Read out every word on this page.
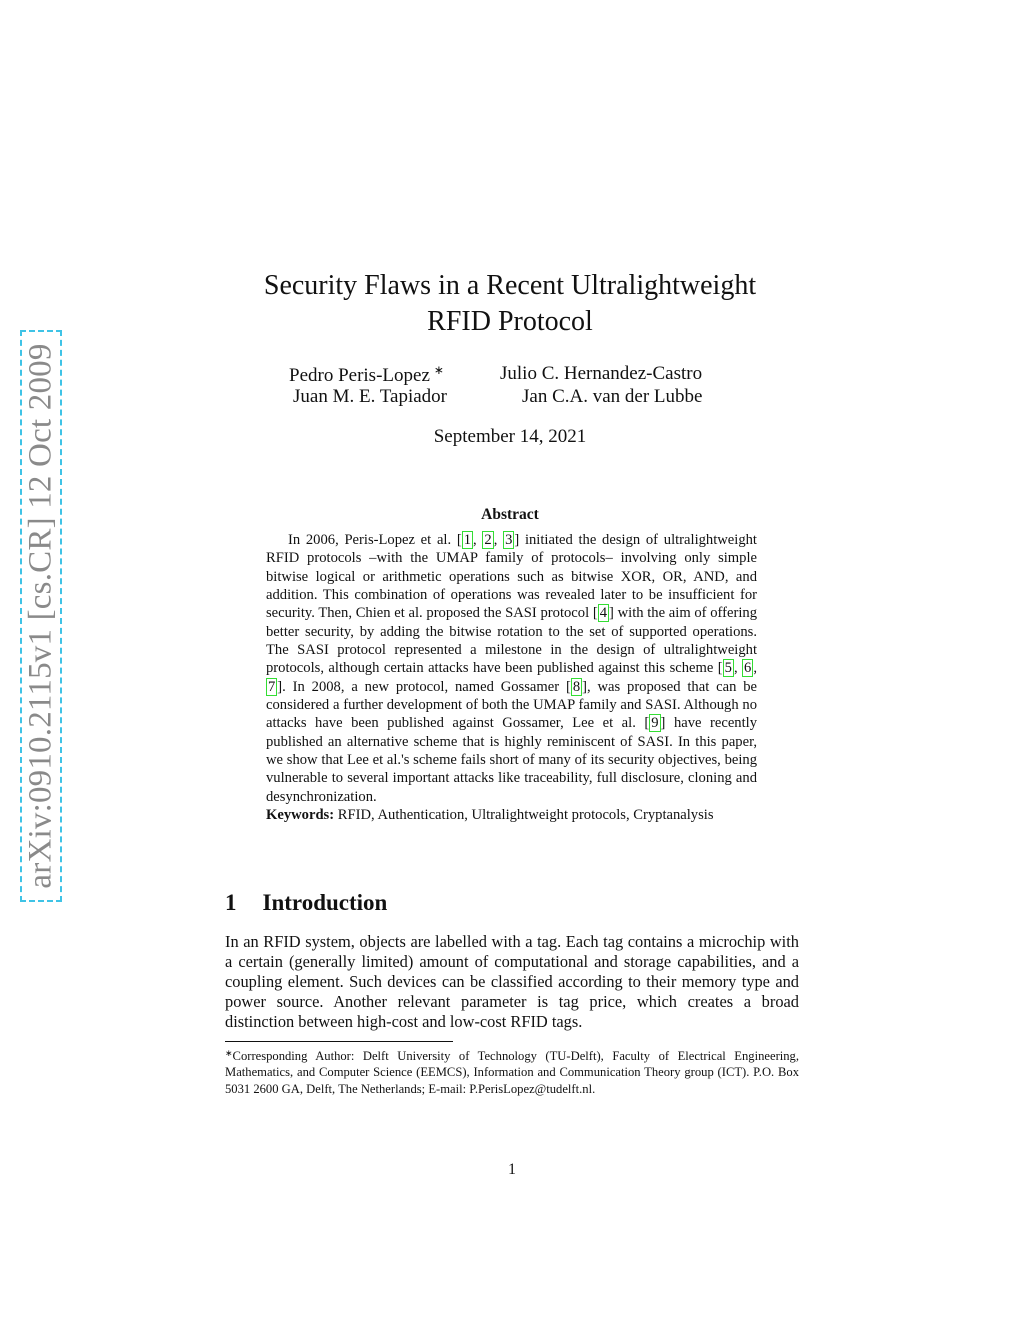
arXiv:0910.2115v1 [cs.CR] 12 Oct 2009
Security Flaws in a Recent Ultralightweight
RFID Protocol
Pedro Peris-Lopez ∗	Julio C. Hernandez-Castro
Juan M. E. Tapiador	Jan C.A. van der Lubbe
September 14, 2021
Abstract

In 2006, Peris-Lopez et al. [ 1 , 2 , 3 ] initiated the design of ultralightweight RFID protocols –with the UMAP family of protocols– involving only simple bitwise logical or arithmetic operations such as bitwise XOR, OR, AND, and addition. This combination of operations was revealed later to be insufficient for security. Then, Chien et al. proposed the SASI protocol [ 4 ] with the aim of offering better security, by adding the bitwise rotation to the set of supported operations. The SASI protocol represented a milestone in the design of ultralightweight protocols, although certain attacks have been published against this scheme [ 5 , 6 , 7 ]. In 2008, a new protocol, named Gossamer [ 8 ], was proposed that can be considered a further development of both the UMAP family and SASI. Although no attacks have been published against Gossamer, Lee et al. [ 9 ] have recently published an alternative scheme that is highly reminiscent of SASI. In this paper, we show that Lee et al.'s scheme fails short of many of its security objectives, being vulnerable to several important attacks like traceability, full disclosure, cloning and desynchronization.

Keywords: RFID, Authentication, Ultralightweight protocols, Cryptanalysis

1 Introduction

In an RFID system, objects are labelled with a tag. Each tag contains a microchip with a certain (generally limited) amount of computational and storage capabilities, and a coupling element. Such devices can be classified according to their memory type and power source. Another relevant parameter is tag price, which creates a broad distinction between high-cost and low-cost RFID tags.

∗Corresponding Author: Delft University of Technology (TU-Delft), Faculty of Electrical Engineering, Mathematics, and Computer Science (EEMCS), Information and Communication Theory group (ICT). P.O. Box 5031 2600 GA, Delft, The Netherlands; E-mail: P.PerisLopez@tudelft.nl.

1
